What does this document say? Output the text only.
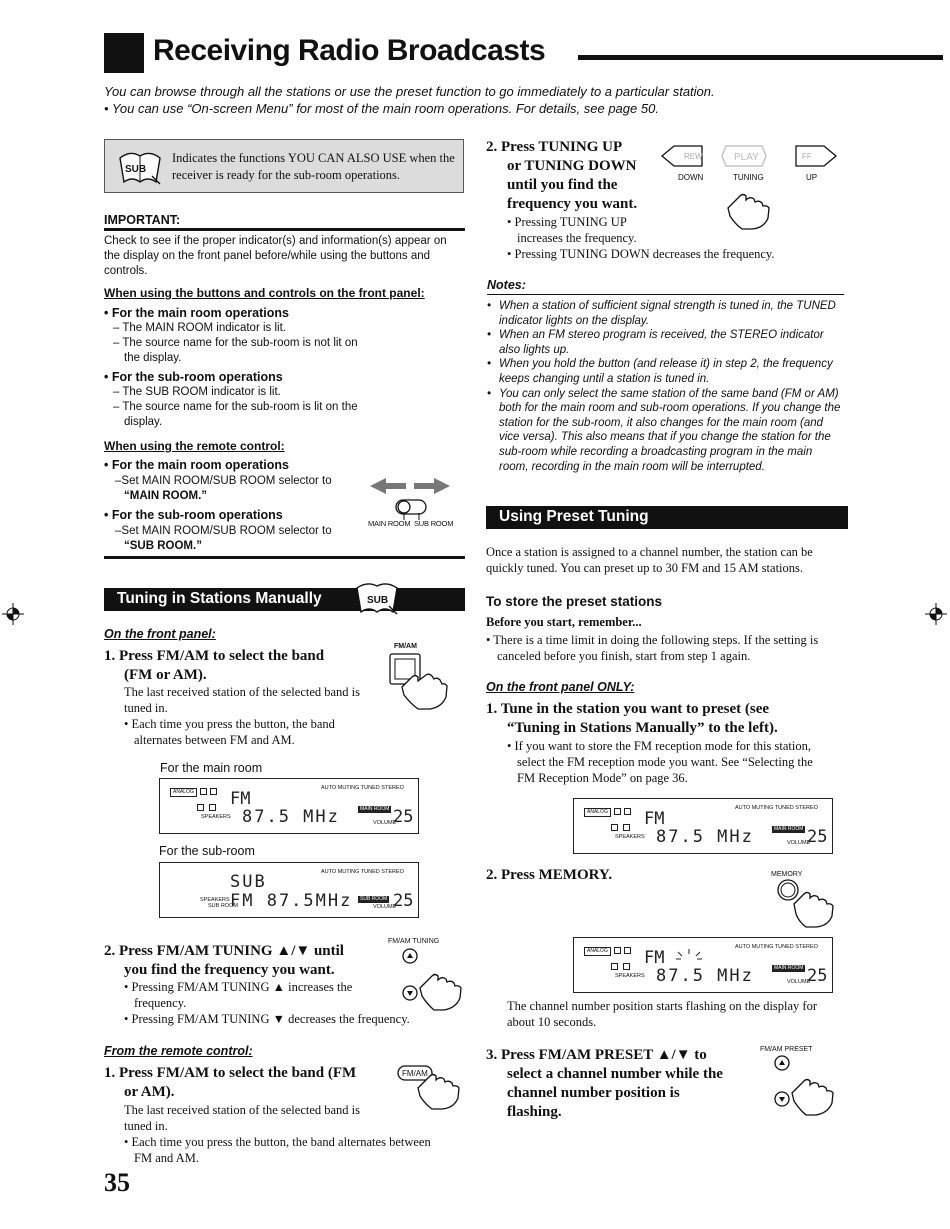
Receiving Radio Broadcasts
You can browse through all the stations or use the preset function to go immediately to a particular station.
• You can use “On-screen Menu” for most of the main room operations. For details, see page 50.
SUB
Indicates the functions YOU CAN ALSO USE when the receiver is ready for the sub-room operations.
IMPORTANT:
Check to see if the proper indicator(s) and information(s) appear on the display on the front panel before/while using the buttons and controls.
When using the buttons and controls on the front panel:
• For the main room operations
– The MAIN ROOM indicator is lit.
– The source name for the sub-room is not lit on
the display.
• For the sub-room operations
– The SUB ROOM indicator is lit.
– The source name for the sub-room is lit on the
display.
When using the remote control:
• For the main room operations
–Set MAIN ROOM/SUB ROOM selector to
“MAIN ROOM.”
• For the sub-room operations
–Set MAIN ROOM/SUB ROOM selector to
“SUB ROOM.”
MAIN ROOM SUB ROOM
Tuning in Stations Manually	SUB
On the front panel:
1. Press FM/AM to select the band
(FM or AM).
The last received station of the selected band is
tuned in.
• Each time you press the button, the band
alternates between FM and AM.
FM/AM
For the main room
ANALOG
AUTO MUTING TUNED STEREO
SPEAKERS
FM
87.5 MHz	MAIN ROOM
VOLUME
25
For the sub-room
AUTO MUTING TUNED STEREO
SUB
SPEAKERS
SUB ROOM
FM 87.5MHz	SUB ROOM
VOLUME
25
2. Press FM/AM TUNING ▲/▼ until
you find the frequency you want.
• Pressing FM/AM TUNING ▲ increases the
frequency.
• Pressing FM/AM TUNING ▼ decreases the frequency.
FM/AM TUNING
From the remote control:
1. Press FM/AM to select the band (FM
or AM).
The last received station of the selected band is
tuned in.
• Each time you press the button, the band alternates between
FM and AM.
FM/AM
35
2. Press TUNING UP
or TUNING DOWN
until you find the
frequency you want.
• Pressing TUNING UP
increases the frequency.
• Pressing TUNING DOWN decreases the frequency.
REW	PLAY	FF
DOWN	TUNING	UP
Notes:
• When a station of sufficient signal strength is tuned in, the TUNED
indicator lights on the display.
• When an FM stereo program is received, the STEREO indicator
also lights up.
• When you hold the button (and release it) in step 2, the frequency
keeps changing until a station is tuned in.
• You can only select the same station of the same band (FM or AM)
both for the main room and sub-room operations. If you change the
station for the sub-room, it also changes for the main room (and
vice versa). This also means that if you change the station for the
sub-room while recording a broadcasting program in the main
room, recording in the main room will be interrupted.
Using Preset Tuning
Once a station is assigned to a channel number, the station can be
quickly tuned. You can preset up to 30 FM and 15 AM stations.
To store the preset stations
Before you start, remember...
• There is a time limit in doing the following steps. If the setting is
canceled before you finish, start from step 1 again.
On the front panel ONLY:
1. Tune in the station you want to preset (see
“Tuning in Stations Manually” to the left).
• If you want to store the FM reception mode for this station,
select the FM reception mode you want. See “Selecting the
FM Reception Mode” on page 36.
ANALOG
AUTO MUTING TUNED STEREO
SPEAKERS
FM
87.5 MHz	MAIN ROOM
VOLUME
25
2. Press MEMORY.	MEMORY
ANALOG
AUTO MUTING TUNED STEREO
SPEAKERS
FM
87.5 MHz	MAIN ROOM
VOLUME
25
The channel number position starts flashing on the display for
about 10 seconds.
3. Press FM/AM PRESET ▲/▼ to
select a channel number while the
channel number position is
flashing.
FM/AM PRESET
